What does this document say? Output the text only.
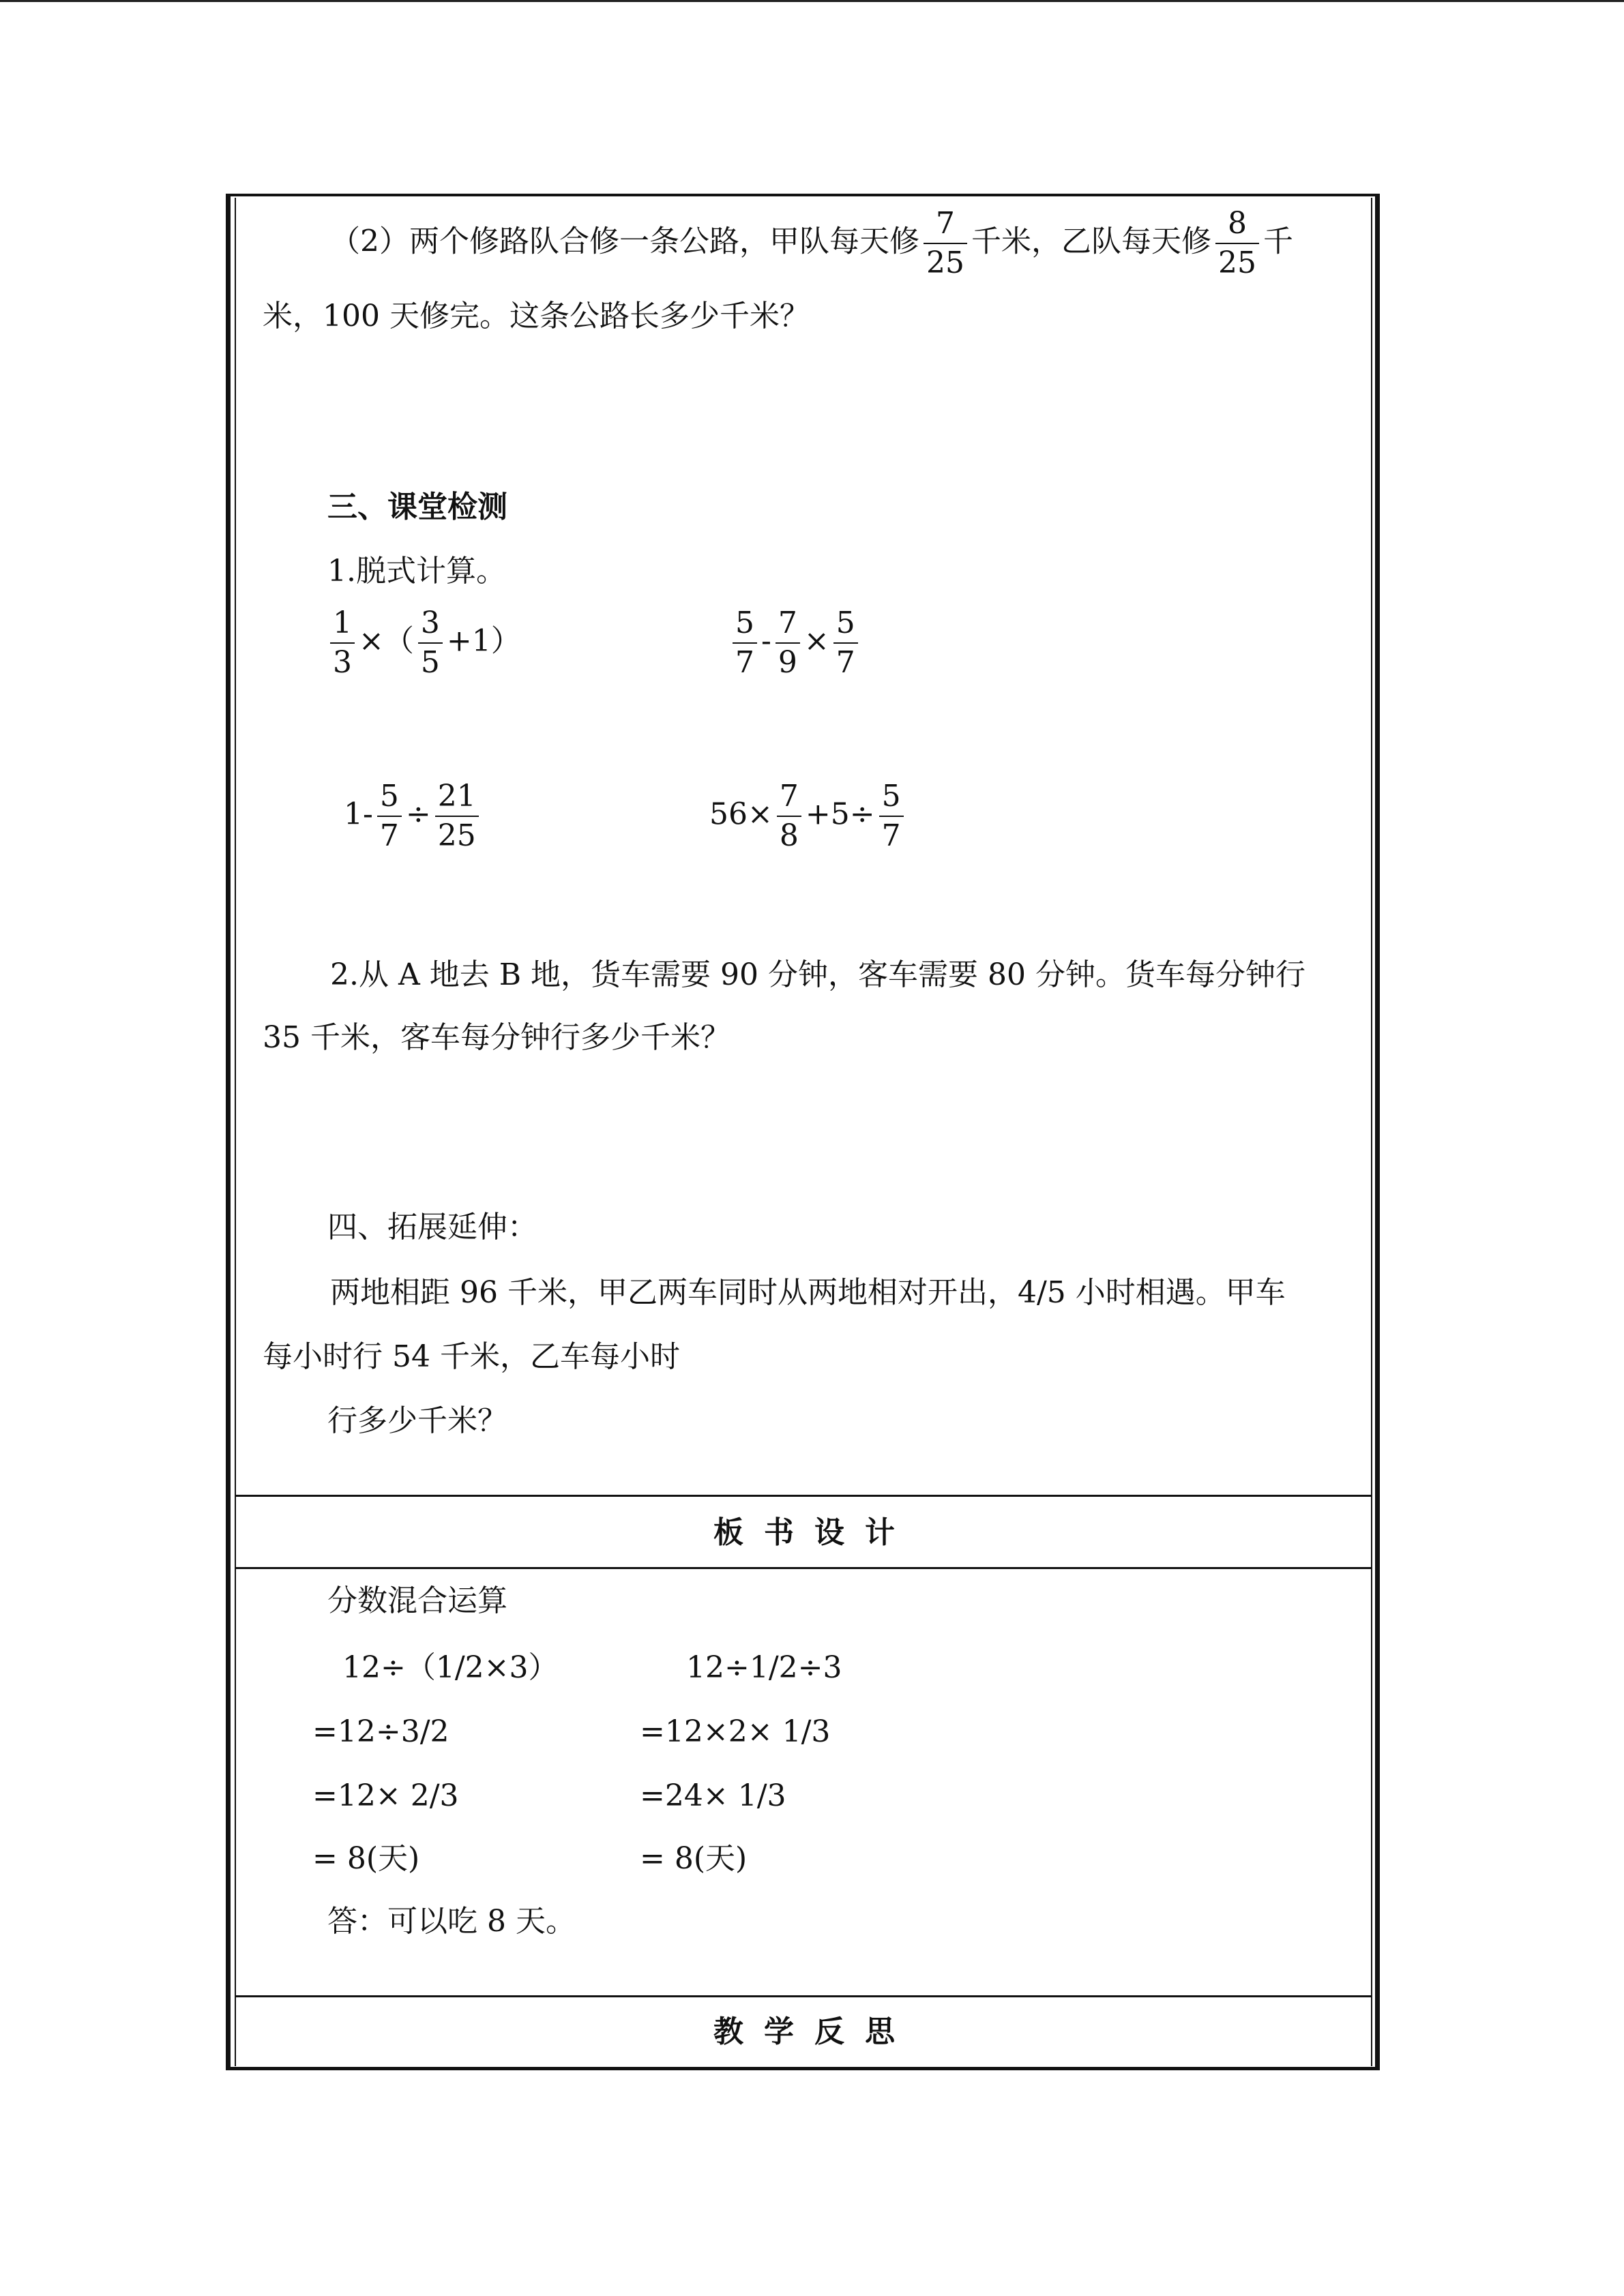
（2）两个修路队合修一条公路，甲队每天修 $\frac{7}{25}$ 千米，乙队每天修 $\frac{8}{25}$ 千
米，100 天修完。这条公路长多少千米？
三、课堂检测
1.脱式计算。
$\frac{1}{3}$ ×（ $\frac{3}{5} +1$）	$\frac{5}{7} - \frac{7}{9} \times \frac{5}{7}$
$1- \frac{5}{7} \div \frac{21}{25}$	$56\times \frac{7}{8} +5\div \frac{5}{7}$
2.从 A 地去 B 地，货车需要 90 分钟，客车需要 80 分钟。货车每分钟行
35 千米，客车每分钟行多少千米？
四、拓展延伸：
两地相距 96 千米，甲乙两车同时从两地相对开出，4/5 小时相遇。甲车
每小时行 54 千米，乙车每小时
行多少千米？
板书设计
分数混合运算
12÷（1/2×3）
=12÷3/2
=12× 2/3
= 8(天)
12÷1/2÷3
=12×2× 1/3
=24× 1/3
= 8(天)
答：可以吃 8 天。
教学反思
